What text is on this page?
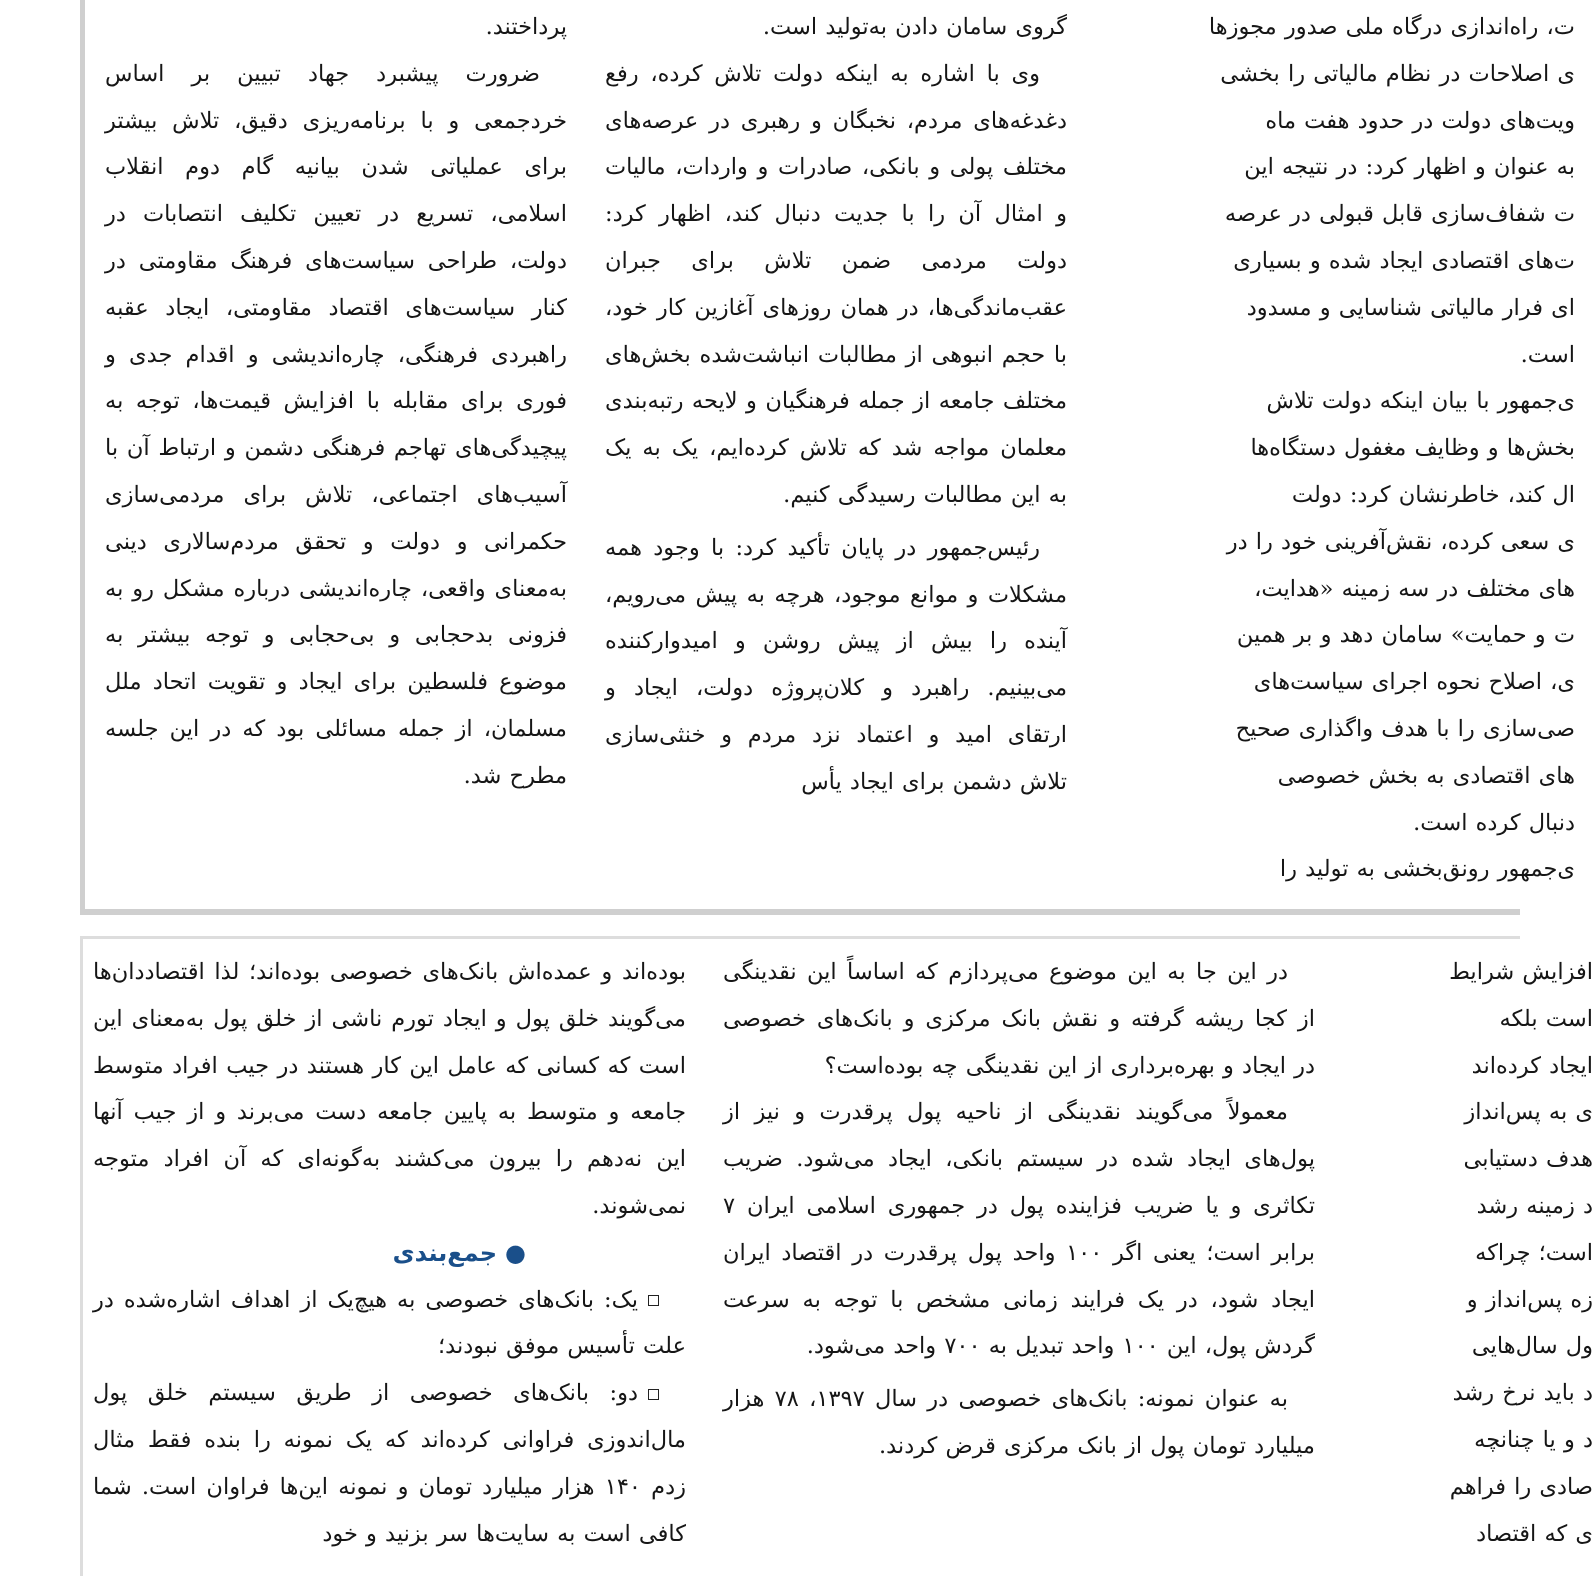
پرداختند.

ضرورت پیشبرد جهاد تبیین بر اساس خردجمعی و با برنامه‌ریزی دقیق، تلاش بیشتر برای عملیاتی شدن بیانیه گام دوم انقلاب اسلامی، تسریع در تعیین تکلیف انتصابات در دولت، طراحی سیاست‌های فرهنگ مقاومتی در کنار سیاست‌های اقتصاد مقاومتی، ایجاد عقبه راهبردی فرهنگی، چاره‌اندیشی و اقدام جدی و فوری برای مقابله با افزایش قیمت‌ها، توجه به پیچیدگی‌های تهاجم فرهنگی دشمن و ارتباط آن با آسیب‌های اجتماعی، تلاش برای مردمی‌سازی حکمرانی و دولت و تحقق مردم‌سالاری دینی به‌معنای واقعی، چاره‌اندیشی درباره مشکل رو به فزونی بدحجابی و بی‌حجابی و توجه بیشتر به موضوع فلسطین برای ایجاد و تقویت اتحاد ملل مسلمان، از جمله مسائلی بود که در این جلسه مطرح شد.

گروی سامان دادن به‌تولید است.

وی با اشاره به اینکه دولت تلاش کرده، رفع دغدغه‌های مردم، نخبگان و رهبری در عرصه‌های مختلف پولی و بانکی، صادرات و واردات، مالیات و امثال آن را با جدیت دنبال کند، اظهار کرد: دولت مردمی ضمن تلاش برای جبران عقب‌ماندگی‌ها، در همان روزهای آغازین کار خود، با حجم انبوهی از مطالبات انباشت‌شده بخش‌های مختلف جامعه از جمله فرهنگیان و لایحه رتبه‌بندی معلمان مواجه شد که تلاش کرده‌ایم، یک به یک به این مطالبات رسیدگی کنیم.

رئیس‌جمهور در پایان تأکید کرد: با وجود همه مشکلات و موانع موجود، هرچه به پیش می‌رویم، آینده را بیش از پیش روشن و امیدوارکننده می‌بینیم. راهبرد و کلان‌پروژه دولت، ایجاد و ارتقای امید و اعتماد نزد مردم و خنثی‌سازی تلاش دشمن برای ایجاد یأس

ت، راه‌اندازی درگاه ملی صدور مجوزها

ی اصلاحات در نظام مالیاتی را بخشی

ویت‌های دولت در حدود هفت ماه

به عنوان و اظهار کرد: در نتیجه این

ت شفاف‌سازی قابل قبولی در عرصه

ت‌های اقتصادی ایجاد شده و بسیاری

ای فرار مالیاتی شناسایی و مسدود

است.

ی‌جمهور با بیان اینکه دولت تلاش

بخش‌ها و وظایف مغفول دستگاه‌ها

ال کند، خاطرنشان کرد: دولت

ی سعی کرده، نقش‌آفرینی خود را در

های مختلف در سه زمینه «هدایت،

ت و حمایت» سامان دهد و بر همین

ی، اصلاح نحوه اجرای سیاست‌های

صی‌سازی را با هدف واگذاری صحیح

های اقتصادی به بخش خصوصی

دنبال کرده است.

ی‌جمهور رونق‌بخشی به تولید را

بوده‌اند و عمده‌اش بانک‌های خصوصی بوده‌اند؛ لذا اقتصاددان‌ها می‌گویند خلق پول و ایجاد تورم ناشی از خلق پول به‌معنای این است که کسانی که عامل این کار هستند در جیب افراد متوسط جامعه و متوسط به پایین جامعه دست می‌برند و از جیب آنها این نه‌دهم را بیرون می‌کشند به‌گونه‌ای که آن افراد متوجه نمی‌شوند.

●جمع‌بندی

یک: بانک‌های خصوصی به هیچ‌یک از اهداف اشاره‌شده در علت تأسیس موفق نبودند؛

دو: بانک‌های خصوصی از طریق سیستم خلق پول مال‌اندوزی فراوانی کرده‌اند که یک نمونه را بنده فقط مثال زدم ۱۴۰ هزار میلیارد تومان و نمونه این‌ها فراوان است. شما کافی است به سایت‌ها سر بزنید و خود

در این جا به این موضوع می‌پردازم که اساساً این نقدینگی از کجا ریشه گرفته و نقش بانک مرکزی و بانک‌های خصوصی در ایجاد و بهره‌برداری از این نقدینگی چه بوده‌است؟

معمولاً می‌گویند نقدینگی از ناحیه پول پرقدرت و نیز از پول‌های ایجاد شده در سیستم بانکی، ایجاد می‌شود. ضریب تکاثری و یا ضریب فزاینده پول در جمهوری اسلامی ایران ۷ برابر است؛ یعنی اگر ۱۰۰ واحد پول پرقدرت در اقتصاد ایران ایجاد شود، در یک فرایند زمانی مشخص با توجه به سرعت گردش پول، این ۱۰۰ واحد تبدیل به ۷۰۰ واحد می‌شود.

به عنوان نمونه: بانک‌های خصوصی در سال ۱۳۹۷، ۷۸ هزار میلیارد تومان پول از بانک مرکزی قرض کردند.

افزایش شرایط

است بلکه

ایجاد کرده‌اند

ی به پس‌انداز

هدف دستیابی

د زمینه رشد

است؛ چراکه

زه پس‌انداز و

ول سال‌هایی

د باید نرخ رشد

د و یا چنانچه

صادی را فراهم

ی که اقتصاد
